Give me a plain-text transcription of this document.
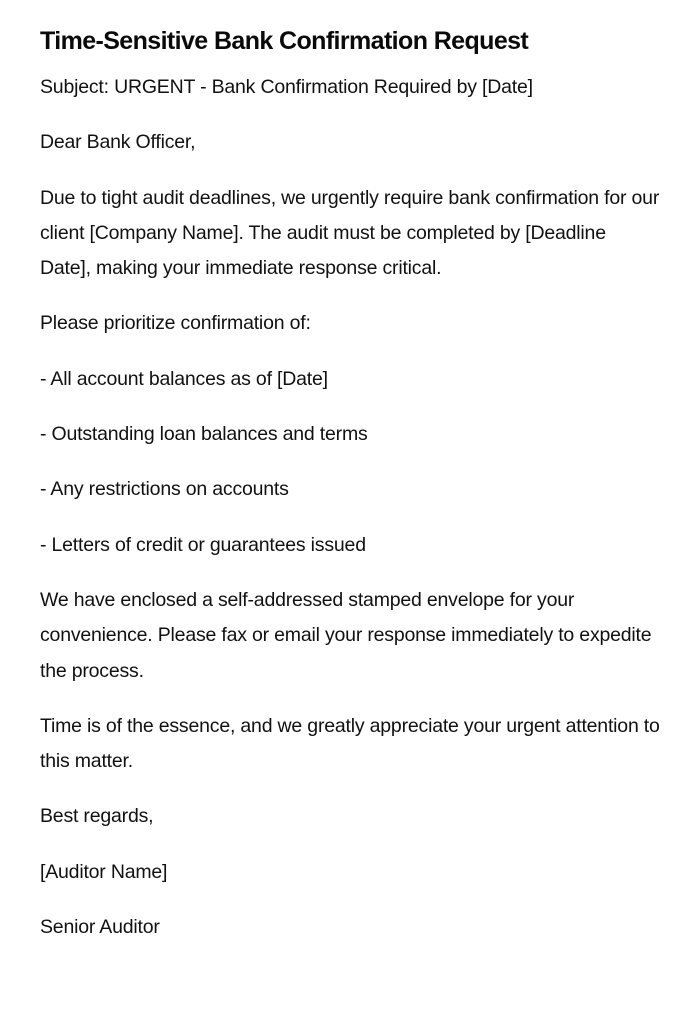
Time-Sensitive Bank Confirmation Request

Subject: URGENT - Bank Confirmation Required by [Date]

Dear Bank Officer,

Due to tight audit deadlines, we urgently require bank confirmation for our client [Company Name]. The audit must be completed by [Deadline Date], making your immediate response critical.

Please prioritize confirmation of:

- All account balances as of [Date]

- Outstanding loan balances and terms

- Any restrictions on accounts

- Letters of credit or guarantees issued

We have enclosed a self-addressed stamped envelope for your convenience. Please fax or email your response immediately to expedite the process.

Time is of the essence, and we greatly appreciate your urgent attention to this matter.

Best regards,

[Auditor Name]

Senior Auditor
